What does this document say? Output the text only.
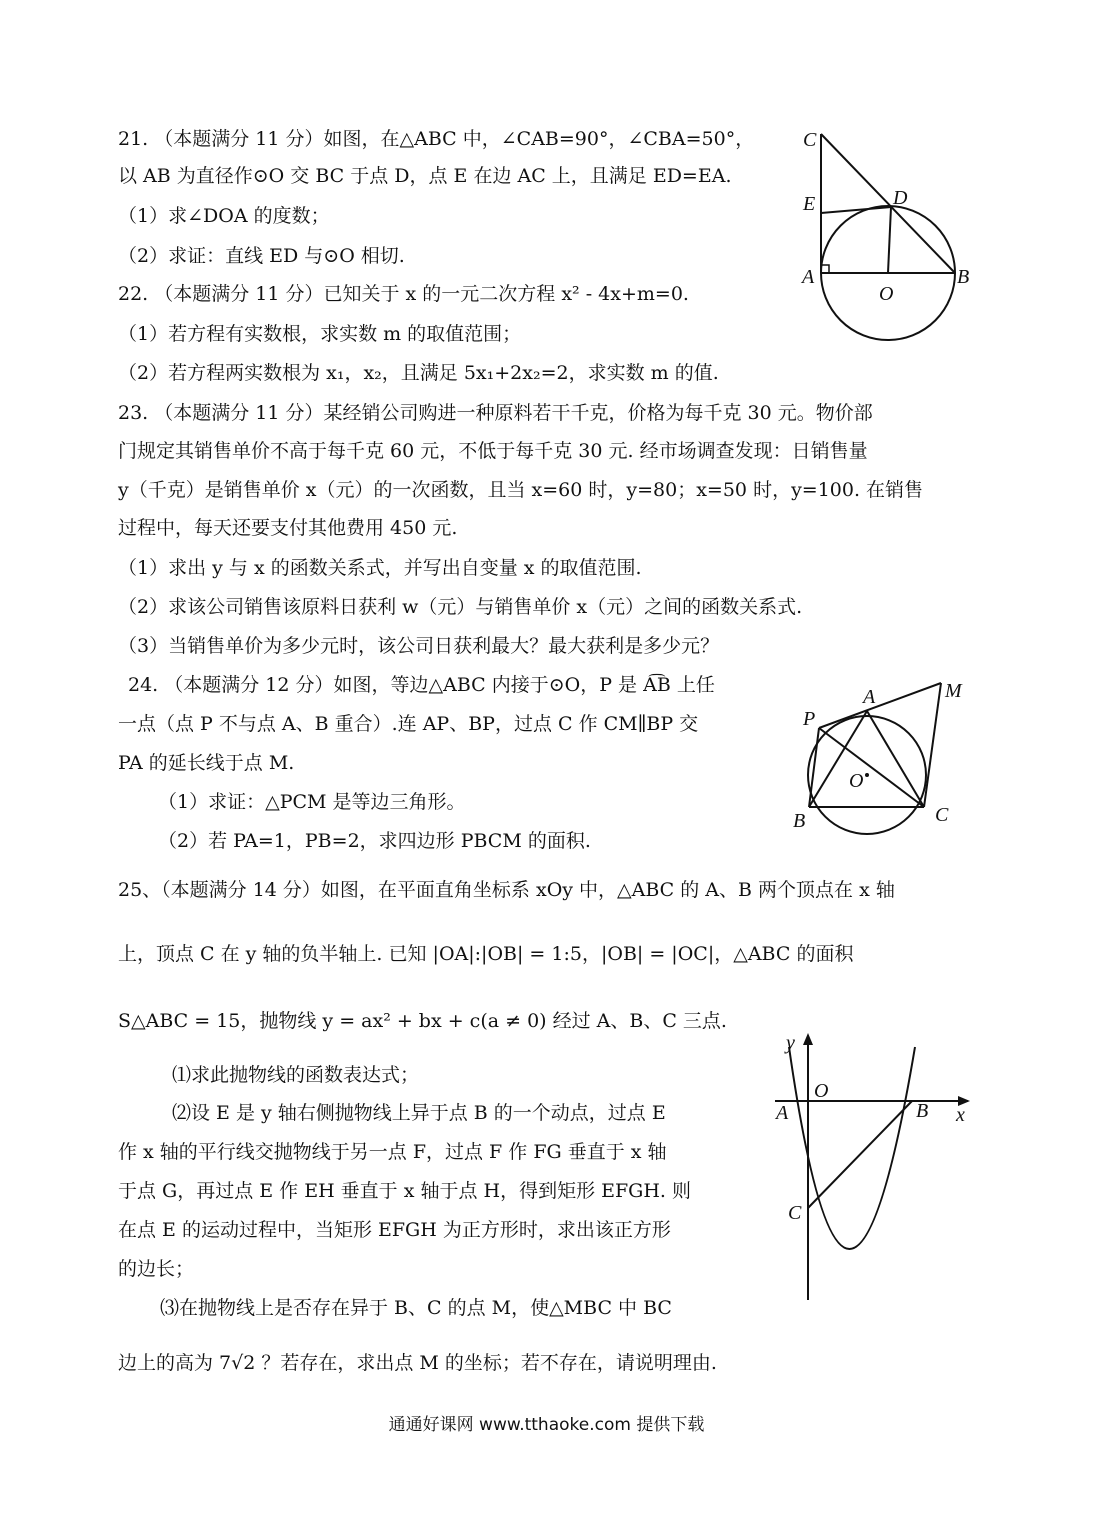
21. （本题满分 11 分）如图，在△ABC 中，∠CAB=90°，∠CBA=50°，
以 AB 为直径作⊙O 交 BC 于点 D，点 E 在边 AC 上，且满足 ED=EA.
（1）求∠DOA 的度数；
（2）求证：直线 ED 与⊙O 相切.
22. （本题满分 11 分）已知关于 x 的一元二次方程 x² - 4x+m=0.
（1）若方程有实数根，求实数 m 的取值范围；
（2）若方程两实数根为 x₁，x₂，且满足 5x₁+2x₂=2，求实数 m 的值.
23. （本题满分 11 分）某经销公司购进一种原料若干千克，价格为每千克 30 元。物价部
门规定其销售单价不高于每千克 60 元，不低于每千克 30 元. 经市场调查发现：日销售量
y（千克）是销售单价 x（元）的一次函数，且当 x=60 时，y=80；x=50 时，y=100. 在销售
过程中，每天还要支付其他费用 450 元.
（1）求出 y 与 x 的函数关系式，并写出自变量 x 的取值范围.
（2）求该公司销售该原料日获利 w（元）与销售单价 x（元）之间的函数关系式.
（3）当销售单价为多少元时，该公司日获利最大？最大获利是多少元？
24. （本题满分 12 分）如图，等边△ABC 内接于⊙O，P 是 A͡B 上任
一点（点 P 不与点 A、B 重合）.连 AP、BP，过点 C 作 CM∥BP 交
PA 的延长线于点 M.
（1）求证：△PCM 是等边三角形。
（2）若 PA=1，PB=2，求四边形 PBCM 的面积.
25、（本题满分 14 分）如图，在平面直角坐标系 xOy 中，△ABC 的 A、B 两个顶点在 x 轴
上，顶点 C 在 y 轴的负半轴上. 已知 |OA|:|OB| = 1:5，|OB| = |OC|，△ABC 的面积
S△ABC = 15，抛物线 y = ax² + bx + c(a ≠ 0) 经过 A、B、C 三点.
⑴求此抛物线的函数表达式；
⑵设 E 是 y 轴右侧抛物线上异于点 B 的一个动点，过点 E
作 x 轴的平行线交抛物线于另一点 F，过点 F 作 FG 垂直于 x 轴
于点 G，再过点 E 作 EH 垂直于 x 轴于点 H，得到矩形 EFGH. 则
在点 E 的运动过程中，当矩形 EFGH 为正方形时，求出该正方形
的边长；
⑶在抛物线上是否存在异于 B、C 的点 M，使△MBC 中 BC
边上的高为 7√2 ？若存在，求出点 M 的坐标；若不存在，请说明理由.
C
E	D
A
O
B
A	M
P
O
B	C
y
O
A	B x
C
通通好课网 www.tthaoke.com 提供下载
